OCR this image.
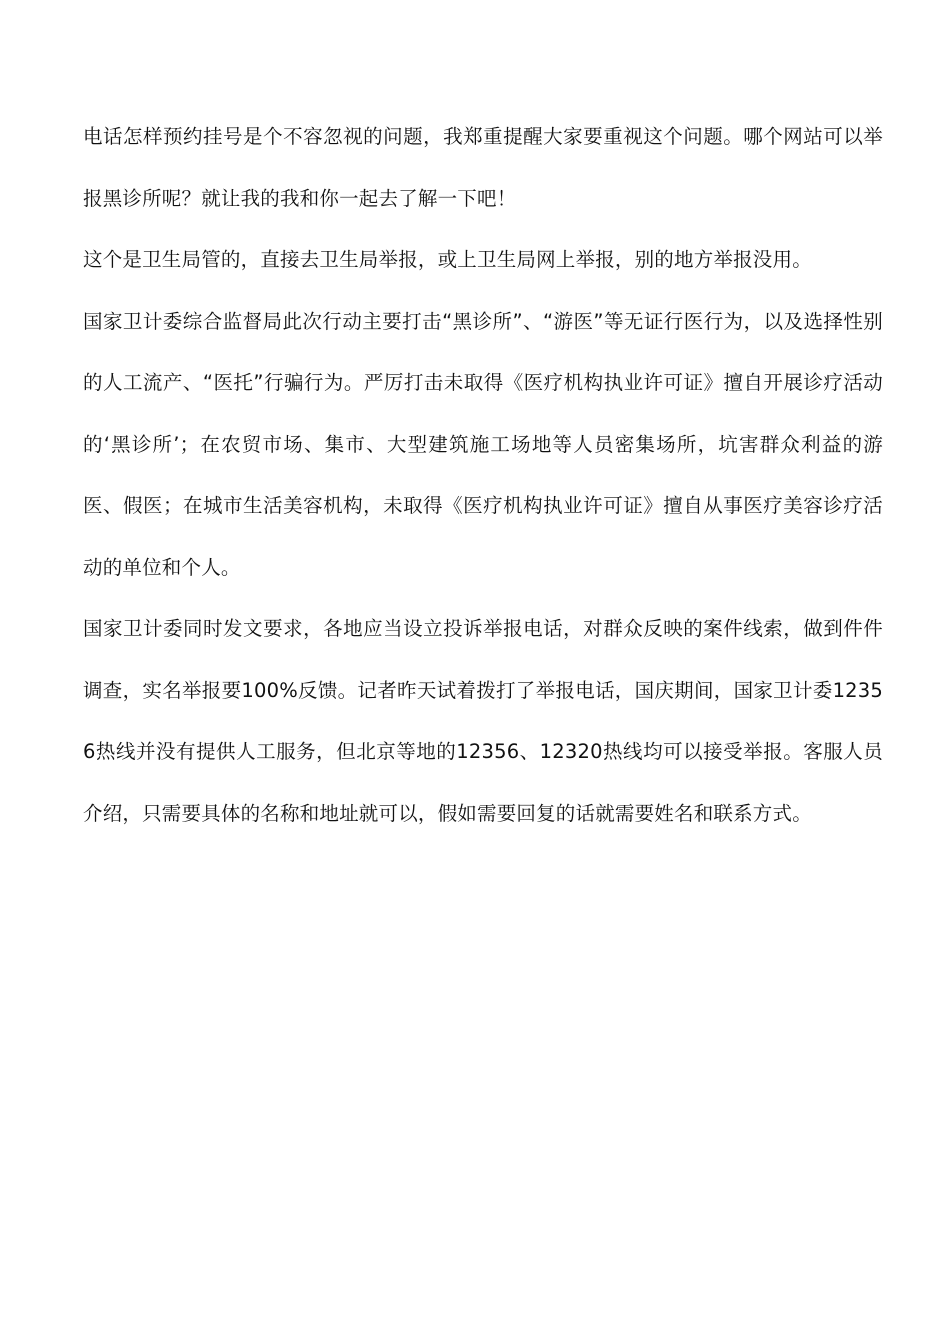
电话怎样预约挂号是个不容忽视的问题，我郑重提醒大家要重视这个问题。哪个网站可以举报黑诊所呢？就让我的我和你一起去了解一下吧！

这个是卫生局管的，直接去卫生局举报，或上卫生局网上举报，别的地方举报没用。

国家卫计委综合监督局此次行动主要打击“黑诊所”、“游医”等无证行医行为，以及选择性别的人工流产、“医托”行骗行为。严厉打击未取得《医疗机构执业许可证》擅自开展诊疗活动的‘黑诊所’；在农贸市场、集市、大型建筑施工场地等人员密集场所，坑害群众利益的游医、假医；在城市生活美容机构，未取得《医疗机构执业许可证》擅自从事医疗美容诊疗活动的单位和个人。

国家卫计委同时发文要求，各地应当设立投诉举报电话，对群众反映的案件线索，做到件件调查，实名举报要100%反馈。记者昨天试着拨打了举报电话，国庆期间，国家卫计委12356热线并没有提供人工服务，但北京等地的12356、12320热线均可以接受举报。客服人员介绍，只需要具体的名称和地址就可以，假如需要回复的话就需要姓名和联系方式。
